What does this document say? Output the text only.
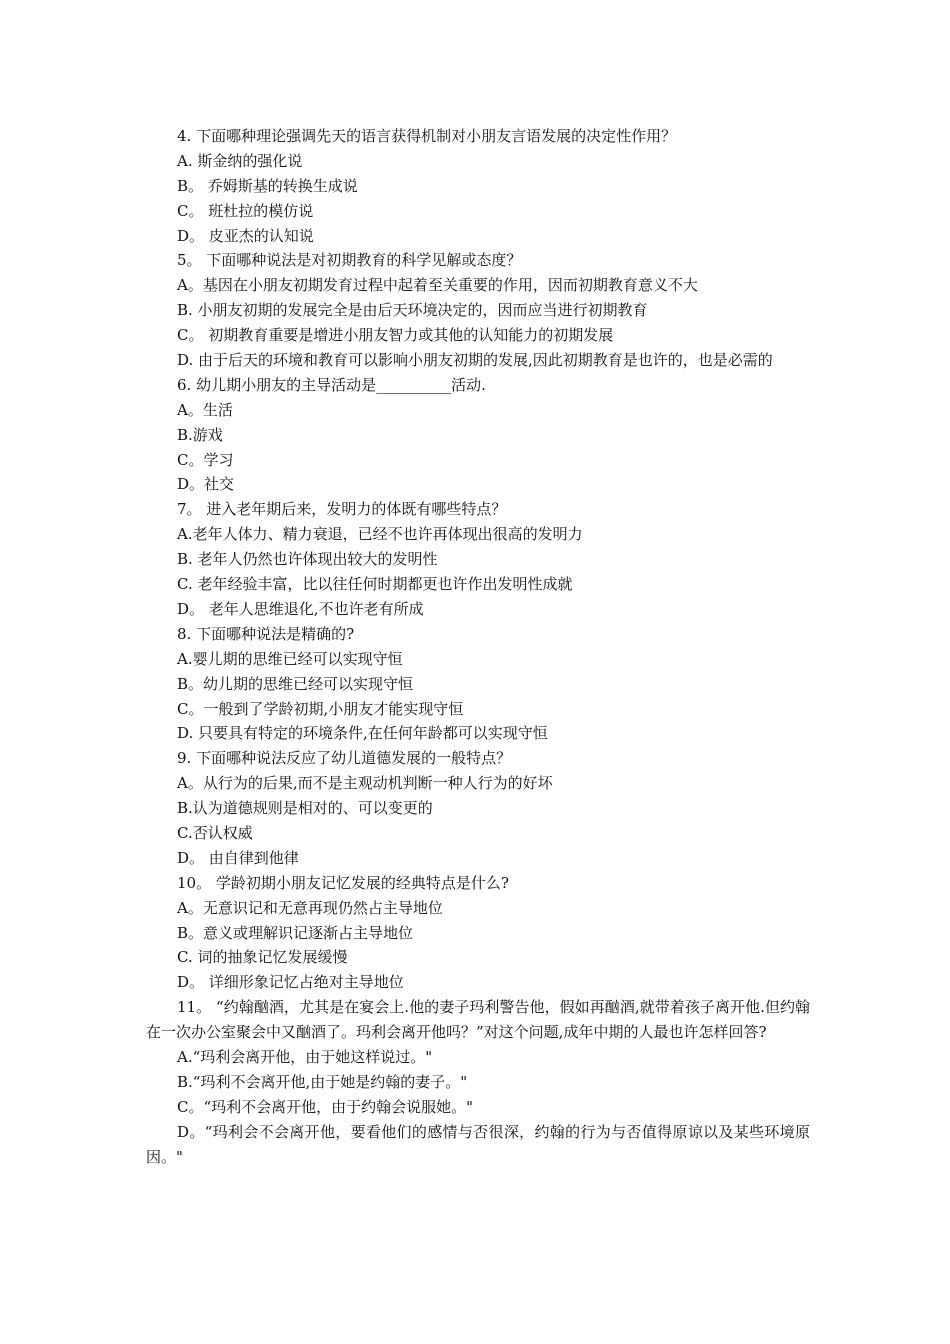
4. 下面哪种理论强调先天的语言获得机制对小朋友言语发展的决定性作用？
A. 斯金纳的强化说
B。 乔姆斯基的转换生成说
C。 班杜拉的模仿说
D。 皮亚杰的认知说
5。 下面哪种说法是对初期教育的科学见解或态度？
A。基因在小朋友初期发育过程中起着至关重要的作用，因而初期教育意义不大
B. 小朋友初期的发展完全是由后天环境决定的，因而应当进行初期教育
C。 初期教育重要是增进小朋友智力或其他的认知能力的初期发展
D. 由于后天的环境和教育可以影响小朋友初期的发展,因此初期教育是也许的，也是必需的
6. 幼儿期小朋友的主导活动是__________活动.
A。生活
B.游戏
C。学习
D。社交
7。 进入老年期后来，发明力的体既有哪些特点？
A.老年人体力、精力衰退，已经不也许再体现出很高的发明力
B. 老年人仍然也许体现出较大的发明性
C. 老年经验丰富，比以往任何时期都更也许作出发明性成就
D。 老年人思维退化,不也许老有所成
8. 下面哪种说法是精确的?
A.婴儿期的思维已经可以实现守恒
B。幼儿期的思维已经可以实现守恒
C。一般到了学龄初期,小朋友才能实现守恒
D. 只要具有特定的环境条件,在任何年龄都可以实现守恒
9. 下面哪种说法反应了幼儿道德发展的一般特点？
A。从行为的后果,而不是主观动机判断一种人行为的好坏
B.认为道德规则是相对的、可以变更的
C.否认权威
D。 由自律到他律
10。 学龄初期小朋友记忆发展的经典特点是什么?
A。无意识记和无意再现仍然占主导地位
B。意义或理解识记逐渐占主导地位
C. 词的抽象记忆发展缓慢
D。 详细形象记忆占绝对主导地位
11。 “约翰酗酒，尤其是在宴会上.他的妻子玛利警告他，假如再酗酒,就带着孩子离开他.但约翰在一次办公室聚会中又酗酒了。玛利会离开他吗？”对这个问题,成年中期的人最也许怎样回答?
A.“玛利会离开他，由于她这样说过。"
B.“玛利不会离开他,由于她是约翰的妻子。"
C。“玛利不会离开他，由于约翰会说服她。"
D。“玛利会不会离开他，要看他们的感情与否很深，约翰的行为与否值得原谅以及某些环境原因。"
